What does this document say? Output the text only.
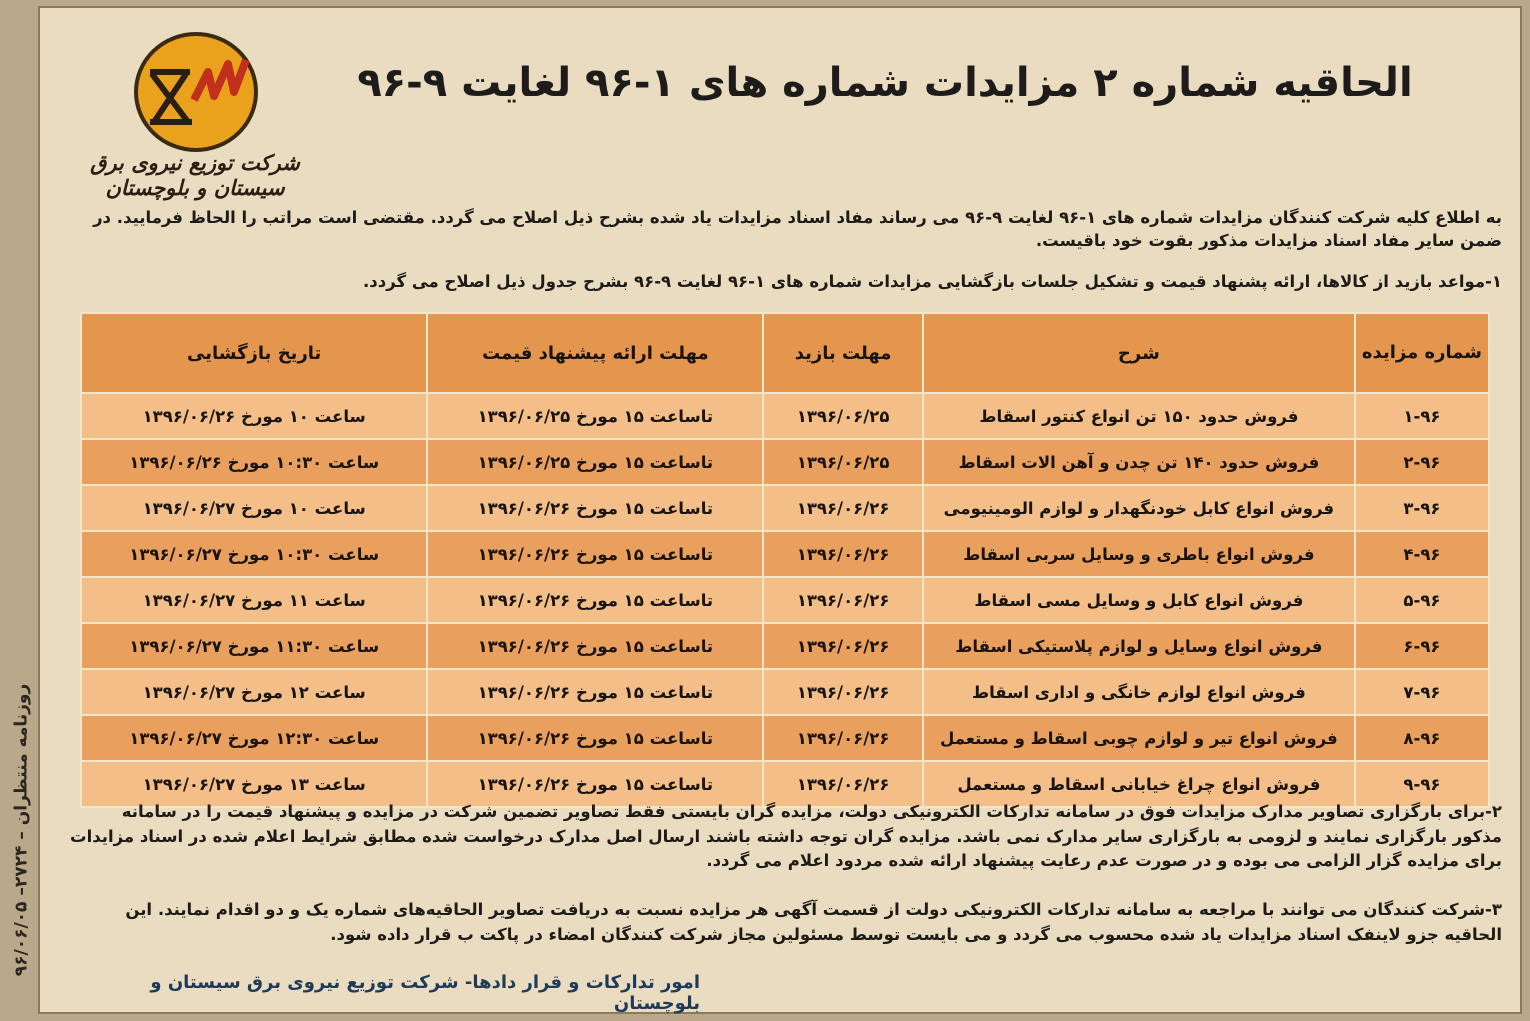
روزنامه منتظران – ۲۷۲۴– ۹۶/۰۶/۰۵
شرکت توزیع نیروی برق سیستان و بلوچستان
الحاقیه شماره ۲ مزایدات شماره های ۱-۹۶ لغایت ۹-۹۶
به اطلاع کلیه شرکت کنندگان مزایدات شماره های ۱-۹۶ لغایت ۹-۹۶ می رساند مفاد اسناد مزایدات یاد شده بشرح ذیل اصلاح می گردد. مقتضی است مراتب را الحاظ فرمایید. در ضمن سایر مفاد اسناد مزایدات مذکور بقوت خود باقیست.
۱-مواعد بازید از کالاها، ارائه پشنهاد قیمت و تشکیل جلسات بازگشایی مزایدات شماره های ۱-۹۶ لغایت ۹-۹۶ بشرح جدول ذیل اصلاح می گردد.
شماره مزایده	شرح	مهلت بازید	مهلت ارائه پیشنهاد قیمت	تاریخ بازگشایی
۱-۹۶	فروش حدود ۱۵۰ تن انواع کنتور اسقاط	۱۳۹۶/۰۶/۲۵	تاساعت ۱۵ مورخ ۱۳۹۶/۰۶/۲۵	ساعت ۱۰ مورخ ۱۳۹۶/۰۶/۲۶
۲-۹۶	فروش حدود ۱۴۰ تن چدن و آهن الات اسقاط	۱۳۹۶/۰۶/۲۵	تاساعت ۱۵ مورخ ۱۳۹۶/۰۶/۲۵	ساعت ۱۰:۳۰ مورخ ۱۳۹۶/۰۶/۲۶
۳-۹۶	فروش انواع کابل خودنگهدار و لوازم الومینیومی	۱۳۹۶/۰۶/۲۶	تاساعت ۱۵ مورخ ۱۳۹۶/۰۶/۲۶	ساعت ۱۰ مورخ ۱۳۹۶/۰۶/۲۷
۴-۹۶	فروش انواع باطری و وسایل سربی اسقاط	۱۳۹۶/۰۶/۲۶	تاساعت ۱۵ مورخ ۱۳۹۶/۰۶/۲۶	ساعت ۱۰:۳۰ مورخ ۱۳۹۶/۰۶/۲۷
۵-۹۶	فروش انواع کابل و وسایل مسی اسقاط	۱۳۹۶/۰۶/۲۶	تاساعت ۱۵ مورخ ۱۳۹۶/۰۶/۲۶	ساعت ۱۱ مورخ ۱۳۹۶/۰۶/۲۷
۶-۹۶	فروش انواع وسایل و لوازم پلاستیکی اسقاط	۱۳۹۶/۰۶/۲۶	تاساعت ۱۵ مورخ ۱۳۹۶/۰۶/۲۶	ساعت ۱۱:۳۰ مورخ ۱۳۹۶/۰۶/۲۷
۷-۹۶	فروش انواع لوازم خانگی و اداری اسقاط	۱۳۹۶/۰۶/۲۶	تاساعت ۱۵ مورخ ۱۳۹۶/۰۶/۲۶	ساعت ۱۲ مورخ ۱۳۹۶/۰۶/۲۷
۸-۹۶	فروش انواع تیر و لوازم چوبی اسقاط و مستعمل	۱۳۹۶/۰۶/۲۶	تاساعت ۱۵ مورخ ۱۳۹۶/۰۶/۲۶	ساعت ۱۲:۳۰ مورخ ۱۳۹۶/۰۶/۲۷
۹-۹۶	فروش انواع چراغ خیابانی اسقاط و مستعمل	۱۳۹۶/۰۶/۲۶	تاساعت ۱۵ مورخ ۱۳۹۶/۰۶/۲۶	ساعت ۱۳ مورخ ۱۳۹۶/۰۶/۲۷
۲-برای بارگزاری تصاویر مدارک مزایدات فوق در سامانه تدارکات الکترونیکی دولت، مزایده گران بایستی فقط تصاویر تضمین شرکت در مزایده و پیشنهاد قیمت را در سامانه مذکور بارگزاری نمایند و لزومی به بارگزاری سایر مدارک نمی باشد. مزایده گران توجه داشته باشند ارسال اصل مدارک درخواست شده مطابق شرایط اعلام شده در اسناد مزایدات برای مزایده گزار الزامی می بوده و در صورت عدم رعایت پیشنهاد ارائه شده مردود اعلام می گردد.
۳-شرکت کنندگان می توانند با مراجعه به سامانه تدارکات الکترونیکی دولت از قسمت آگهی هر مزایده نسبت به دریافت تصاویر الحاقیه‌های شماره یک و دو اقدام نمایند. این الحاقیه جزو لاینفک اسناد مزایدات یاد شده محسوب می گردد و می بایست توسط مسئولین مجاز شرکت کنندگان امضاء در پاکت ب قرار داده شود.
امور تدارکات و قرار دادها- شرکت توزیع نیروی برق سیستان و بلوچستان
